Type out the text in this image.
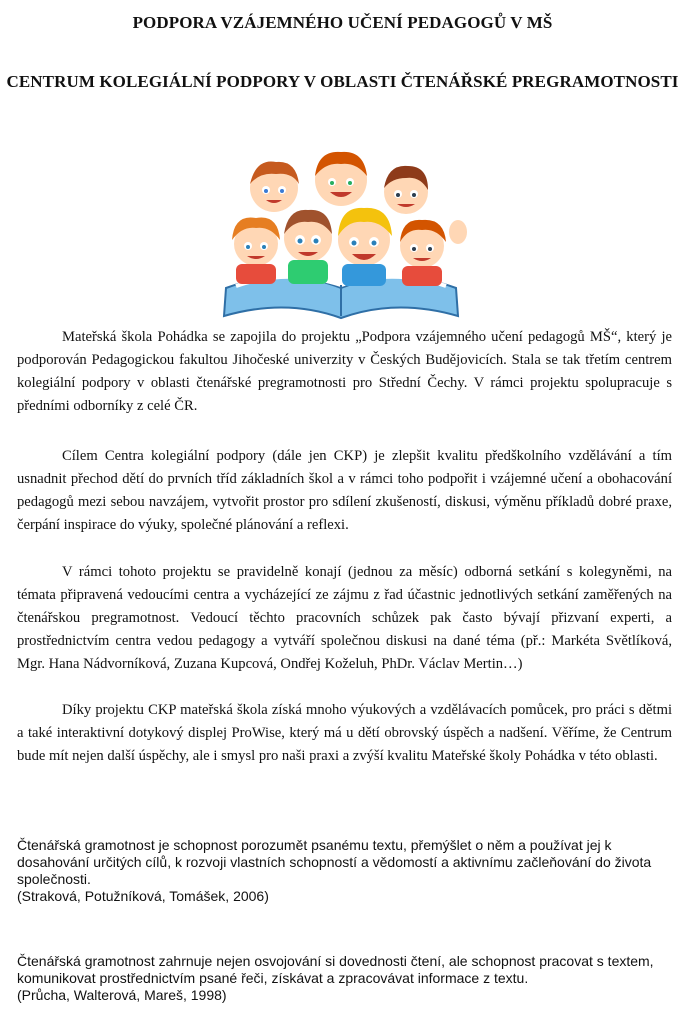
PODPORA VZÁJEMNÉHO UČENÍ PEDAGOGŮ V MŠ
CENTRUM KOLEGIÁLNÍ PODPORY V OBLASTI ČTENÁŘSKÉ PREGRAMOTNOSTI

Mateřská škola Pohádka se zapojila do projektu „Podpora vzájemného učení pedagogů MŠ“, který je podporován Pedagogickou fakultou Jihočeské univerzity v Českých Budějovicích. Stala se tak třetím centrem kolegiální podpory v oblasti čtenářské pregramotnosti pro Střední Čechy. V rámci projektu spolupracuje s předními odborníky z celé ČR.

Cílem Centra kolegiální podpory (dále jen CKP) je zlepšit kvalitu předškolního vzdělávání a tím usnadnit přechod dětí do prvních tříd základních škol a v rámci toho podpořit i vzájemné učení a obohacování pedagogů mezi sebou navzájem, vytvořit prostor pro sdílení zkušeností, diskusi, výměnu příkladů dobré praxe, čerpání inspirace do výuky, společné plánování a reflexi.

V rámci tohoto projektu se pravidelně konají (jednou za měsíc) odborná setkání s kolegyněmi, na témata připravená vedoucími centra a vycházející ze zájmu z řad účastnic jednotlivých setkání zaměřených na čtenářskou pregramotnost. Vedoucí těchto pracovních schůzek pak často bývají přizvaní experti, a prostřednictvím centra vedou pedagogy a vytváří společnou diskusi na dané téma (př.: Markéta Světlíková, Mgr. Hana Nádvorníková, Zuzana Kupcová, Ondřej Koželuh, PhDr. Václav Mertin…)

Díky projektu CKP mateřská škola získá mnoho výukových a vzdělávacích pomůcek, pro práci s dětmi a také interaktivní dotykový displej ProWise, který má u dětí obrovský úspěch a nadšení. Věříme, že Centrum bude mít nejen další úspěchy, ale i smysl pro naši praxi a zvýší kvalitu Mateřské školy Pohádka v této oblasti.

Čtenářská gramotnost je schopnost porozumět psanému textu, přemýšlet o něm a používat jej k dosahování určitých cílů, k rozvoji vlastních schopností a vědomostí a aktivnímu začleňování do života společnosti.
(Straková, Potužníková, Tomášek, 2006)
Čtenářská gramotnost zahrnuje nejen osvojování si dovednosti čtení, ale schopnost pracovat s textem, komunikovat prostřednictvím psané řeči, získávat a zpracovávat informace z textu.
(Průcha, Walterová, Mareš, 1998)
